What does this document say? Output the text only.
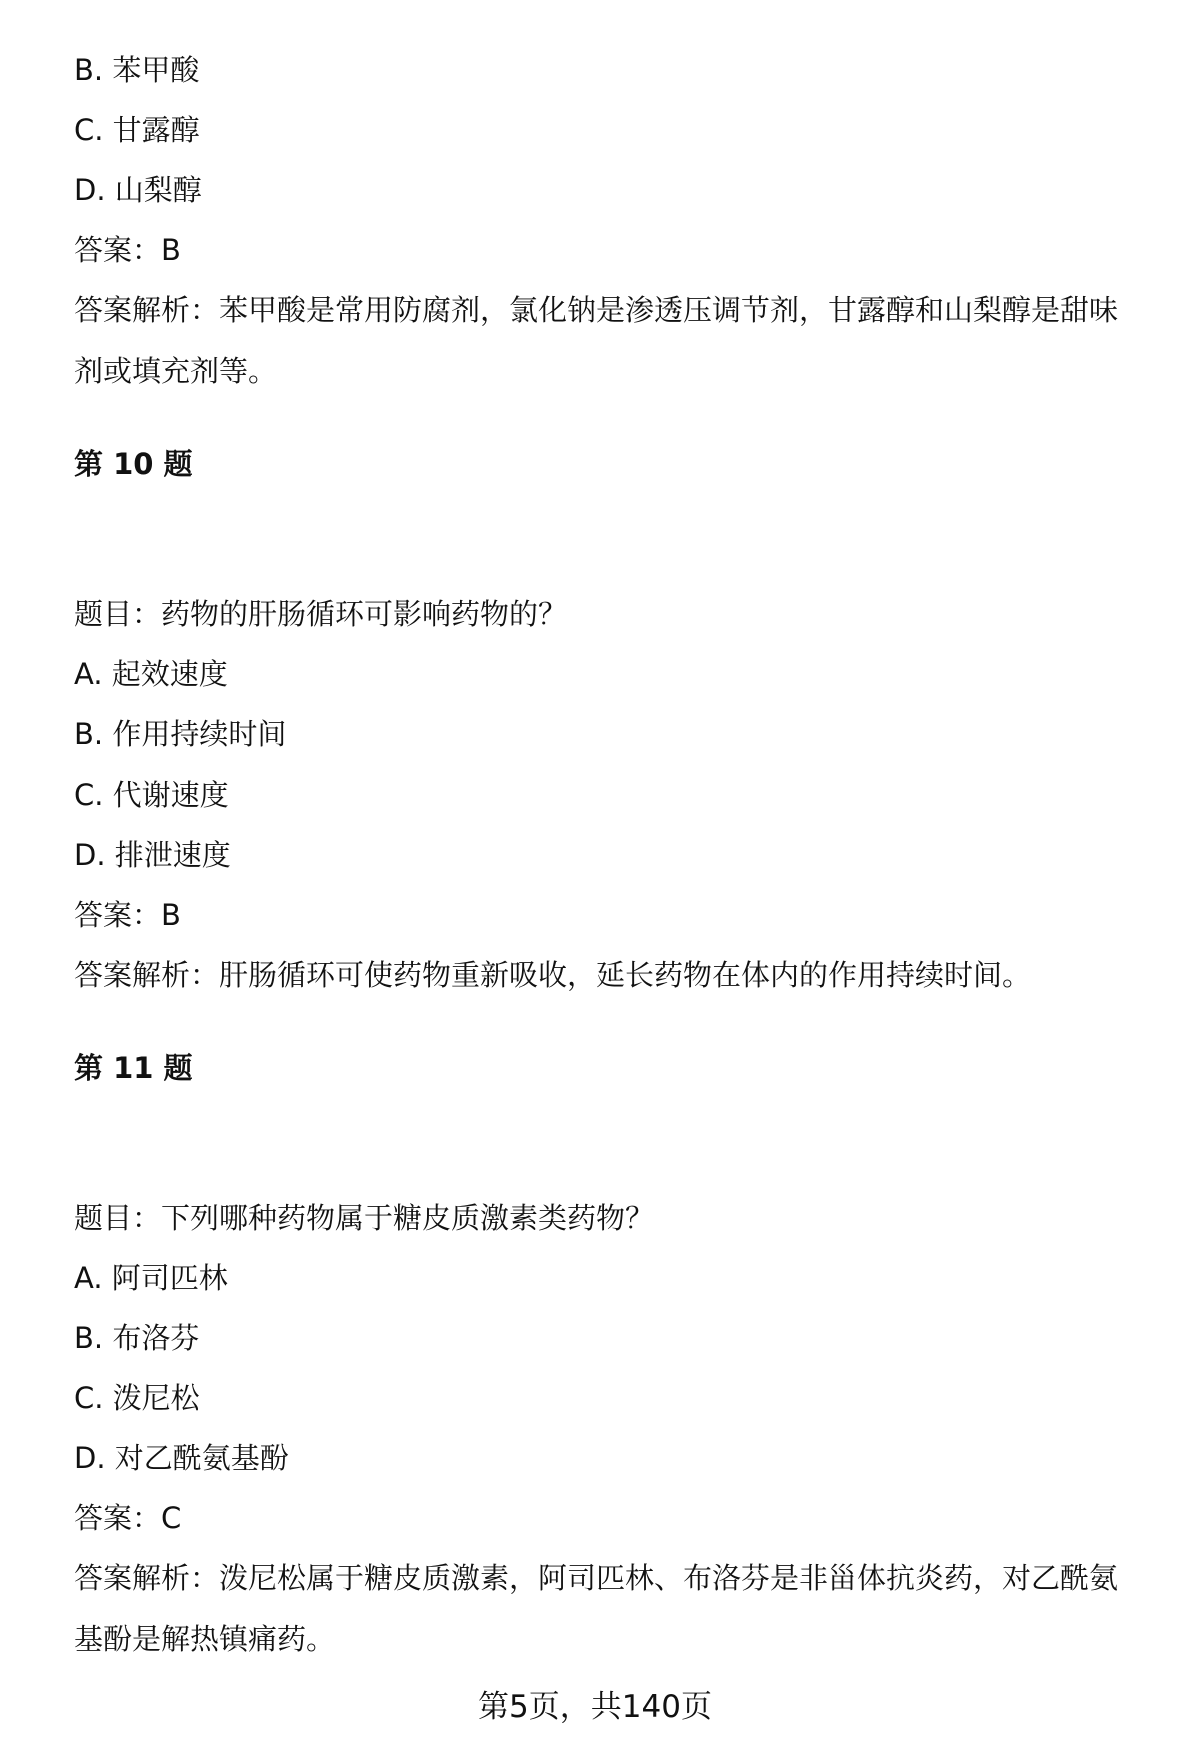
B. 苯甲酸
C. 甘露醇
D. 山梨醇
答案：B
答案解析：苯甲酸是常用防腐剂，氯化钠是渗透压调节剂，甘露醇和山梨醇是甜味
剂或填充剂等。
第 10 题
题目：药物的肝肠循环可影响药物的？
A. 起效速度
B. 作用持续时间
C. 代谢速度
D. 排泄速度
答案：B
答案解析：肝肠循环可使药物重新吸收，延长药物在体内的作用持续时间。
第 11 题
题目：下列哪种药物属于糖皮质激素类药物？
A. 阿司匹林
B. 布洛芬
C. 泼尼松
D. 对乙酰氨基酚
答案：C
答案解析：泼尼松属于糖皮质激素，阿司匹林、布洛芬是非甾体抗炎药，对乙酰氨
基酚是解热镇痛药。
第5页，共140页
